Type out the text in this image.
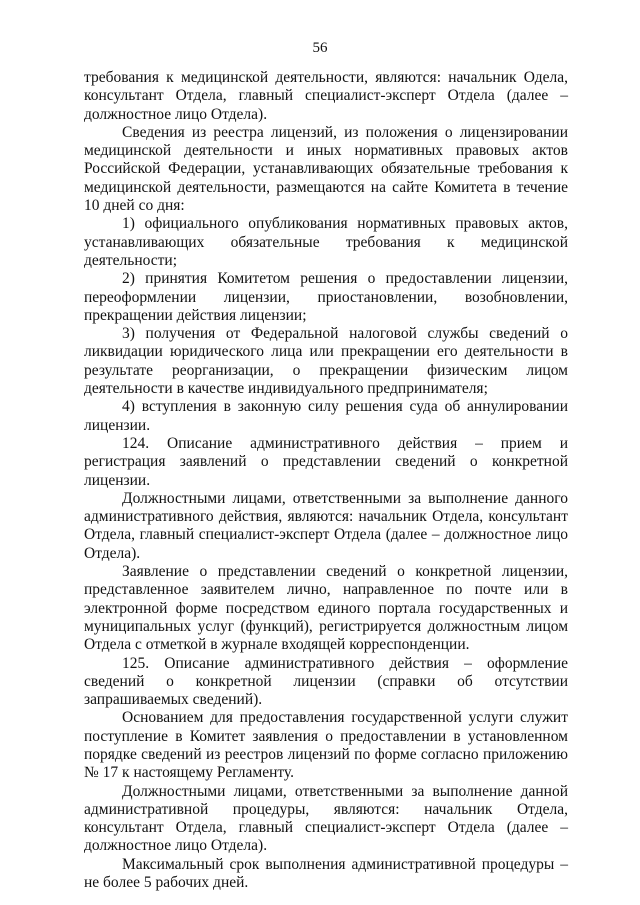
56

требования к медицинской деятельности, являются: начальник Одела, консультант Отдела, главный специалист-эксперт Отдела (далее – должностное лицо Отдела).

Сведения из реестра лицензий, из положения о лицензировании медицинской деятельности и иных нормативных правовых актов Российской Федерации, устанавливающих обязательные требования к медицинской деятельности, размещаются на сайте Комитета в течение 10 дней со дня:

1) официального опубликования нормативных правовых актов, устанавливающих обязательные требования к медицинской деятельности;

2) принятия Комитетом решения о предоставлении лицензии, переоформлении лицензии, приостановлении, возобновлении, прекращении действия лицензии;

3) получения от Федеральной налоговой службы сведений о ликвидации юридического лица или прекращении его деятельности в результате реорганизации, о прекращении физическим лицом деятельности в качестве индивидуального предпринимателя;

4) вступления в законную силу решения суда об аннулировании лицензии.

124. Описание административного действия – прием и регистрация заявлений о представлении сведений о конкретной лицензии.

Должностными лицами, ответственными за выполнение данного административного действия, являются: начальник Отдела, консультант Отдела, главный специалист-эксперт Отдела (далее – должностное лицо Отдела).

Заявление о представлении сведений о конкретной лицензии, представленное заявителем лично, направленное по почте или в электронной форме посредством единого портала государственных и муниципальных услуг (функций), регистрируется должностным лицом Отдела с отметкой в журнале входящей корреспонденции.

125. Описание административного действия – оформление сведений о конкретной лицензии (справки об отсутствии запрашиваемых сведений).

Основанием для предоставления государственной услуги служит поступление в Комитет заявления о предоставлении в установленном порядке сведений из реестров лицензий по форме согласно приложению № 17 к настоящему Регламенту.

Должностными лицами, ответственными за выполнение данной административной процедуры, являются: начальник Отдела, консультант Отдела, главный специалист-эксперт Отдела (далее – должностное лицо Отдела).

Максимальный срок выполнения административной процедуры – не более 5 рабочих дней.
